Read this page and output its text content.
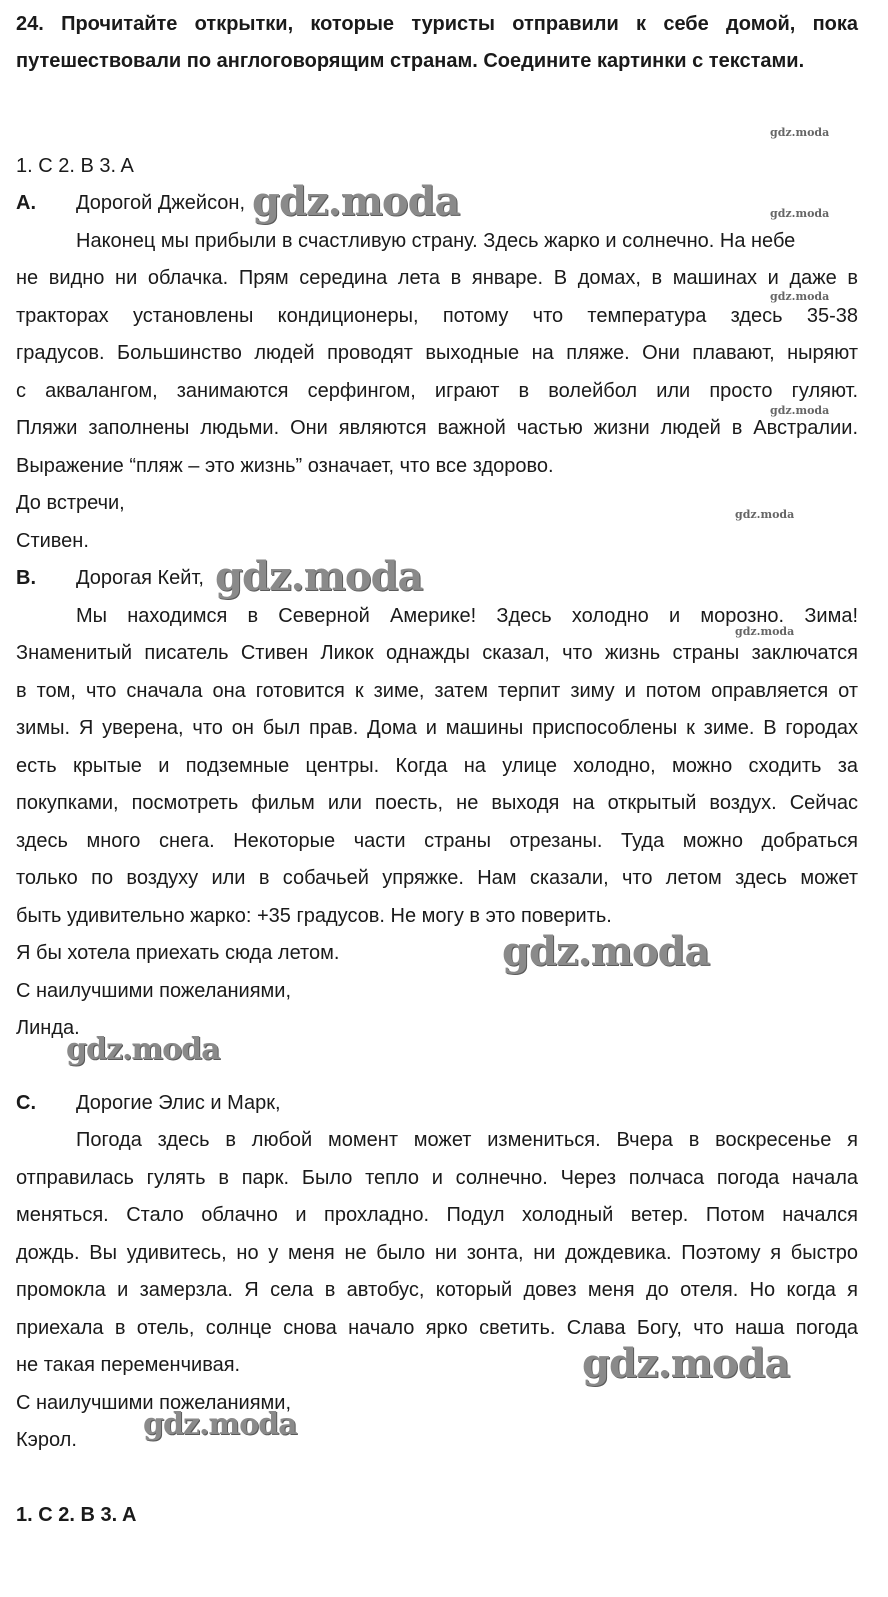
24. Прочитайте открытки, которые туристы отправили к себе домой, пока путешествовали по англоговорящим странам. Соедините картинки с текстами.
gdz.moda
1. C 2. B 3. A
A. Дорогой Джейсон, gdz.moda	gdz.moda
Наконец мы прибыли в счастливую страну. Здесь жарко и солнечно. На небе
не видно ни облачка. Прям середина лета в январе. В домах, в машинах и даже в
gdz.moda
тракторах установлены кондиционеры, потому что температура здесь 35-38
градусов. Большинство людей проводят выходные на пляже. Они плавают, ныряют
с аквалангом, занимаются серфингом, играют в волейбол или просто гуляют.
gdz.moda
Пляжи заполнены людьми. Они являются важной частью жизни людей в Австралии.
Выражение “пляж – это жизнь” означает, что все здорово.
До встречи,
gdz.moda
Стивен.
B. Дорогая Кейт, gdz.moda
Мы находимся в Северной Америке! Здесь холодно и морозно. Зима!
gdz.moda
Знаменитый писатель Стивен Ликок однажды сказал, что жизнь страны заключатся
в том, что сначала она готовится к зиме, затем терпит зиму и потом оправляется от
зимы. Я уверена, что он был прав. Дома и машины приспособлены к зиме. В городах
есть крытые и подземные центры. Когда на улице холодно, можно сходить за
покупками, посмотреть фильм или поесть, не выходя на открытый воздух. Сейчас
здесь много снега. Некоторые части страны отрезаны. Туда можно добраться
только по воздуху или в собачьей упряжке. Нам сказали, что летом здесь может
быть удивительно жарко: +35 градусов. Не могу в это поверить.
Я бы хотела приехать сюда летом.	gdz.moda
С наилучшими пожеланиями,
Линда.
gdz.moda
C. Дорогие Элис и Марк,
Погода здесь в любой момент может измениться. Вчера в воскресенье я
отправилась гулять в парк. Было тепло и солнечно. Через полчаса погода начала
меняться. Стало облачно и прохладно. Подул холодный ветер. Потом начался
дождь. Вы удивитесь, но у меня не было ни зонта, ни дождевика. Поэтому я быстро
промокла и замерзла. Я села в автобус, который довез меня до отеля. Но когда я
приехала в отель, солнце снова начало ярко светить. Слава Богу, что наша погода
не такая переменчивая.	gdz.moda
С наилучшими пожеланиями,
gdz.moda
Кэрол.
1. C 2. B 3. A
